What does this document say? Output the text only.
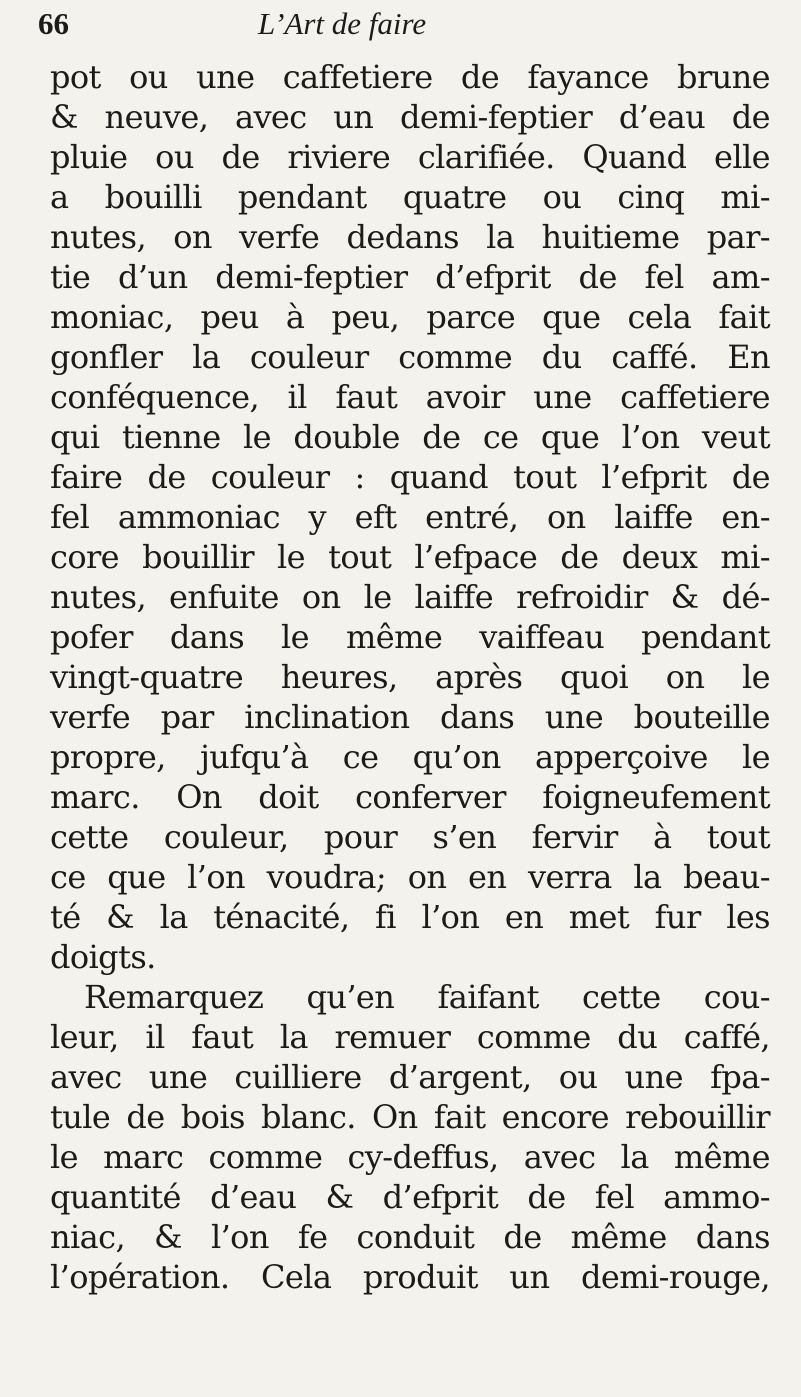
66	L’Art de faire
pot ou une caffetiere de fayance brune
& neuve, avec un demi-feptier d’eau de
pluie ou de riviere clarifiée. Quand elle
a bouilli pendant quatre ou cinq mi-
nutes, on verfe dedans la huitieme par-
tie d’un demi-feptier d’efprit de fel am-
moniac, peu à peu, parce que cela fait
gonfler la couleur comme du caffé. En
conféquence, il faut avoir une caffetiere
qui tienne le double de ce que l’on veut
faire de couleur : quand tout l’efprit de
fel ammoniac y eft entré, on laiffe en-
core bouillir le tout l’efpace de deux mi-
nutes, enfuite on le laiffe refroidir & dé-
pofer dans le même vaiffeau pendant
vingt-quatre heures, après quoi on le
verfe par inclination dans une bouteille
propre, jufqu’à ce qu’on apperçoive le
marc. On doit conferver foigneufement
cette couleur, pour s’en fervir à tout
ce que l’on voudra; on en verra la beau-
té & la ténacité, fi l’on en met fur les
doigts.
Remarquez qu’en faifant cette cou-
leur, il faut la remuer comme du caffé,
avec une cuilliere d’argent, ou une fpa-
tule de bois blanc. On fait encore rebouillir
le marc comme cy-deffus, avec la même
quantité d’eau & d’efprit de fel ammo-
niac, & l’on fe conduit de même dans
l’opération. Cela produit un demi-rouge,
